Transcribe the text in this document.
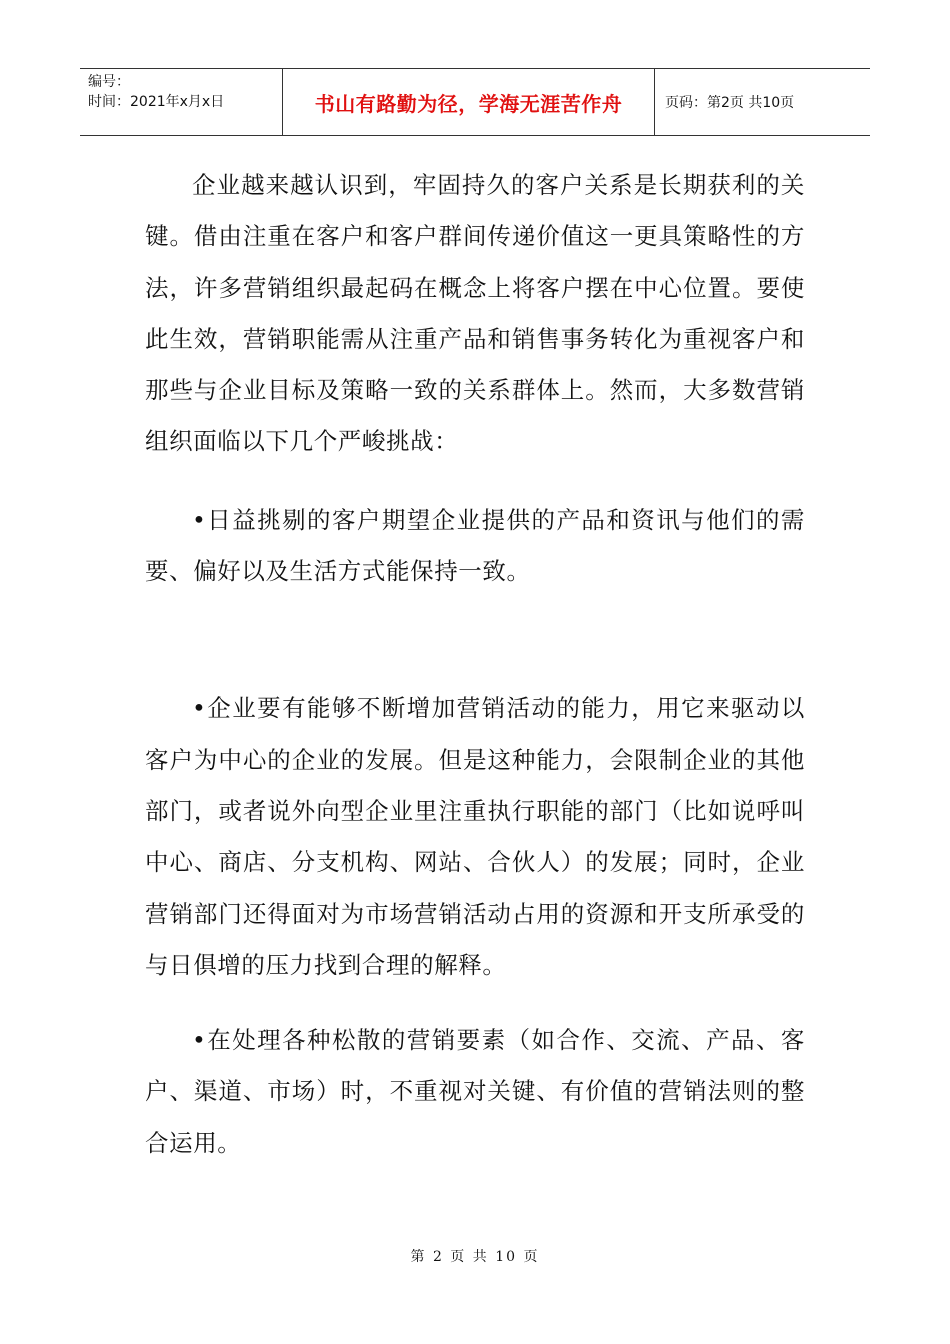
编号：
时间：2021年x月x日	书山有路勤为径，学海无涯苦作舟	页码：第2页 共10页

企业越来越认识到，牢固持久的客户关系是长期获利的关键。借由注重在客户和客户群间传递价值这一更具策略性的方法，许多营销组织最起码在概念上将客户摆在中心位置。要使此生效，营销职能需从注重产品和销售事务转化为重视客户和那些与企业目标及策略一致的关系群体上。然而，大多数营销组织面临以下几个严峻挑战：

•日益挑剔的客户期望企业提供的产品和资讯与他们的需要、偏好以及生活方式能保持一致。

•企业要有能够不断增加营销活动的能力，用它来驱动以客户为中心的企业的发展。但是这种能力，会限制企业的其他部门，或者说外向型企业里注重执行职能的部门（比如说呼叫中心、商店、分支机构、网站、合伙人）的发展；同时，企业营销部门还得面对为市场营销活动占用的资源和开支所承受的与日俱增的压力找到合理的解释。

•在处理各种松散的营销要素（如合作、交流、产品、客户、渠道、市场）时，不重视对关键、有价值的营销法则的整合运用。

第 2 页 共 10 页
